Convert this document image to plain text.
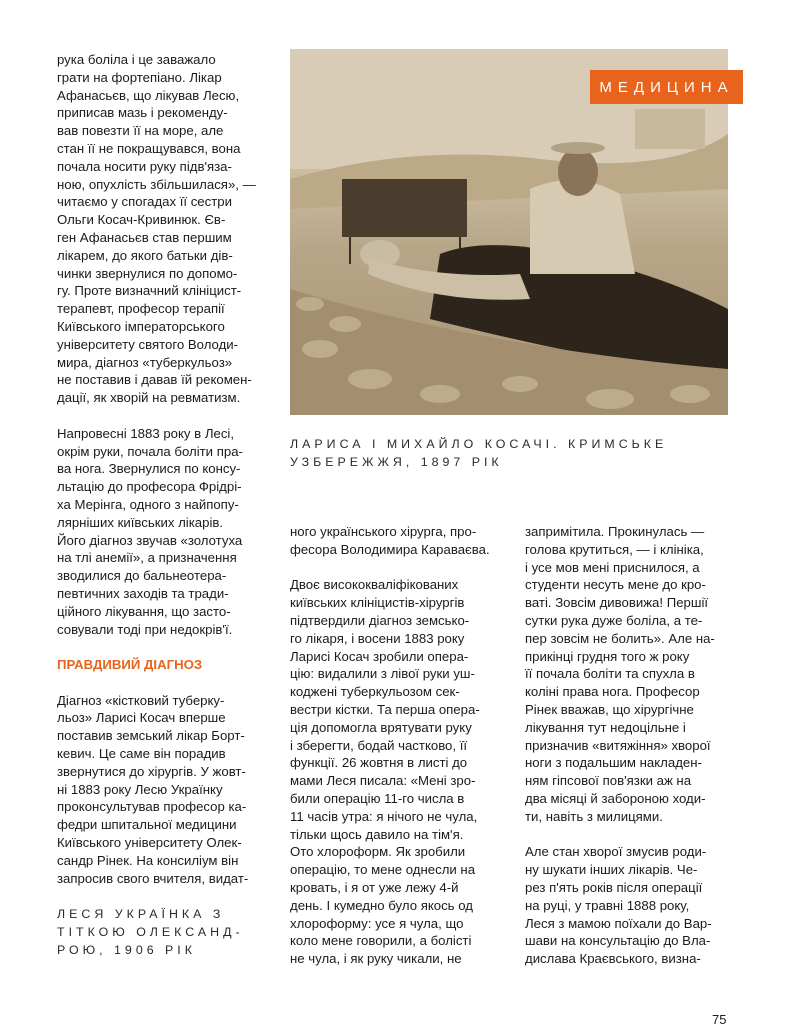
МЕДИЦИНА
ЛАРИСА І МИХАЙЛО КОСАЧІ. КРИМСЬКЕ
УЗБЕРЕЖЖЯ, 1897 РІК

рука боліла і це заважало
грати на фортепіано. Лікар
Афанасьєв, що лікував Лесю,
приписав мазь і рекоменду-
вав повезти її на море, але
стан її не покращувався, вона
почала носити руку підв'яза-
ною, опухлість збільшилася», —
читаємо у спогадах її сестри
Ольги Косач-Кривинюк. Єв-
ген Афанасьєв став першим
лікарем, до якого батьки дів-
чинки звернулися по допомо-
гу. Проте визначний клініцист-
терапевт, професор терапії
Київського імператорського
університету святого Володи-
мира, діагноз «туберкульоз»
не поставив і давав їй рекомен-
дації, як хворій на ревматизм.

Напровесні 1883 року в Лесі,
окрім руки, почала боліти пра-
ва нога. Звернулися по консу-
льтацію до професора Фрідрі-
ха Мерінга, одного з найпопу-
лярніших київських лікарів.
Його діагноз звучав «золотуха
на тлі анемії», а призначення
зводилися до бальнеотера-
певтичних заходів та тради-
ційного лікування, що засто-
совували тоді при недокрів'ї.

ПРАВДИВИЙ ДІАГНОЗ

Діагноз «кістковий туберку-
льоз» Ларисі Косач вперше
поставив земський лікар Борт-
кевич. Це саме він порадив
звернутися до хірургів. У жовт-
ні 1883 року Лесю Українку
проконсультував професор ка-
федри шпитальної медицини
Київського університету Олек-
сандр Рінек. На консиліум він
запросив свого вчителя, видат-

ЛЕСЯ УКРАЇНКА З
ТІТКОЮ ОЛЕКСАНД-
РОЮ, 1906 РІК

ного українського хірурга, про-
фесора Володимира Караваєва.

Двоє висококваліфікованих
київських клініцистів-хірургів
підтвердили діагноз земсько-
го лікаря, і восени 1883 року
Ларисі Косач зробили опера-
цію: видалили з лівої руки уш-
коджені туберкульозом сек-
вестри кістки. Та перша опера-
ція допомогла врятувати руку
і зберегти, бодай частково, її
функції. 26 жовтня в листі до
мами Леся писала: «Мені зро-
били операцію 11-го числа в
11 часів утра: я нічого не чула,
тільки щось давило на тім'я.
Ото хлороформ. Як зробили
операцію, то мене однесли на
кровать, і я от уже лежу 4-й
день. І кумедно було якось од
хлороформу: усе я чула, що
коло мене говорили, а болісті
не чула, і як руку чикали, не

запримітила. Прокинулась —
голова крутиться, — і клініка,
і усе мов мені приснилося, а
студенти несуть мене до кро-
ваті. Зовсім дивовижа! Першії
сутки рука дуже боліла, а те-
пер зовсім не болить». Але на-
прикінці грудня того ж року
її почала боліти та спухла в
коліні права нога. Професор
Рінек вважав, що хірургічне
лікування тут недоцільне і
призначив «витяжіння» хворої
ноги з подальшим накладен-
ням гіпсової пов'язки аж на
два місяці й забороною ходи-
ти, навіть з милицями.

Але стан хворої змусив роди-
ну шукати інших лікарів. Че-
рез п'ять років після операції
на руці, у травні 1888 року,
Леся з мамою поїхали до Вар-
шави на консультацію до Вла-
дислава Краєвського, визна-

75
